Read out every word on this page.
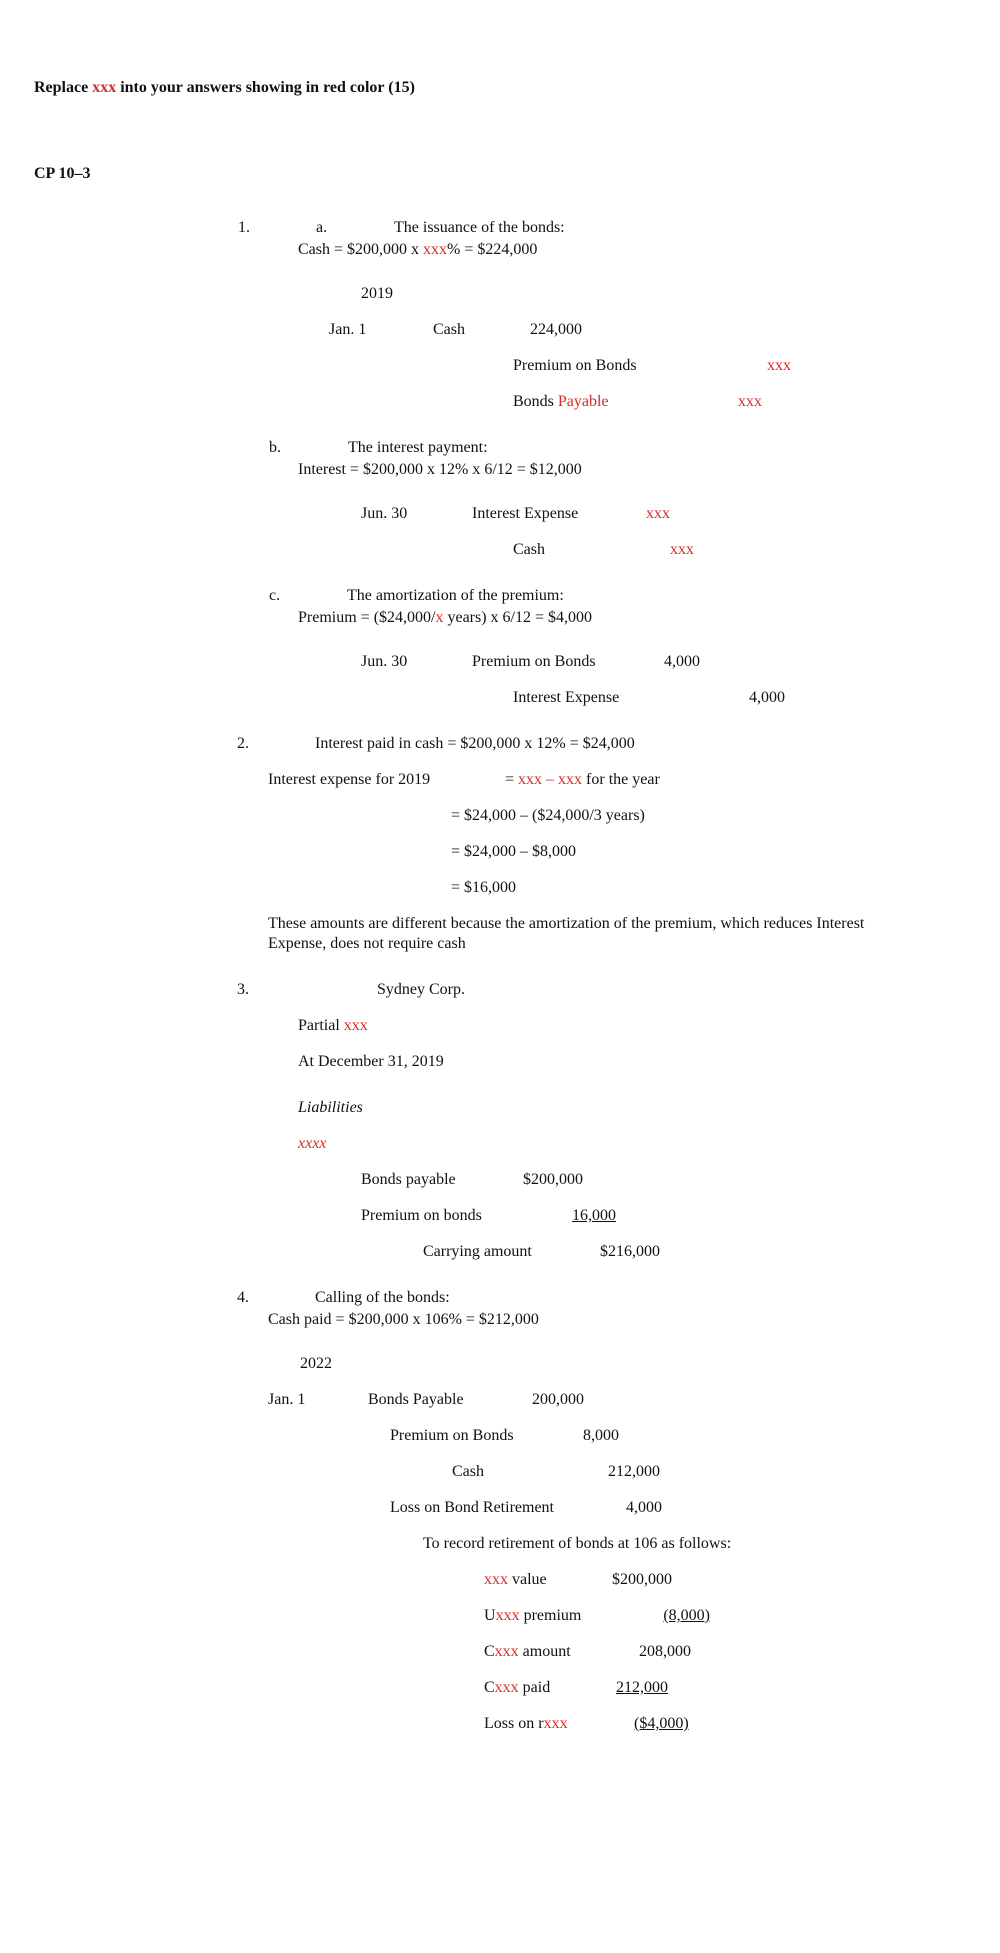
Replace xxx into your answers showing in red color (15)
CP 10–3
1.	a.	The issuance of the bonds:
Cash = $200,000 x xxx% = $224,000
2019
Jan. 1	Cash	224,000
Premium on Bonds	xxx
Bonds Payable	xxx
b.	The interest payment:
Interest = $200,000 x 12% x 6/12 = $12,000
Jun. 30	Interest Expense	xxx
Cash	xxx
c.	The amortization of the premium:
Premium = ($24,000/x years) x 6/12 = $4,000
Jun. 30	Premium on Bonds	4,000
Interest Expense	4,000
2.	Interest paid in cash = $200,000 x 12% = $24,000
Interest expense for 2019	= xxx – xxx for the year
= $24,000 – ($24,000/3 years)
= $24,000 – $8,000
= $16,000
These amounts are different because the amortization of the premium, which reduces Interest
Expense, does not require cash
3.	Sydney Corp.
Partial xxx
At December 31, 2019
Liabilities
xxxx
Bonds payable	$200,000
Premium on bonds	16,000
Carrying amount	$216,000
4.	Calling of the bonds:
Cash paid = $200,000 x 106% = $212,000
2022
Jan. 1	Bonds Payable	200,000
Premium on Bonds	8,000
Cash	212,000
Loss on Bond Retirement	4,000
To record retirement of bonds at 106 as follows:
xxx value	$200,000
Uxxx premium	(8,000)
Cxxx amount	208,000
Cxxx paid	212,000
Loss on rxxx	($4,000)
